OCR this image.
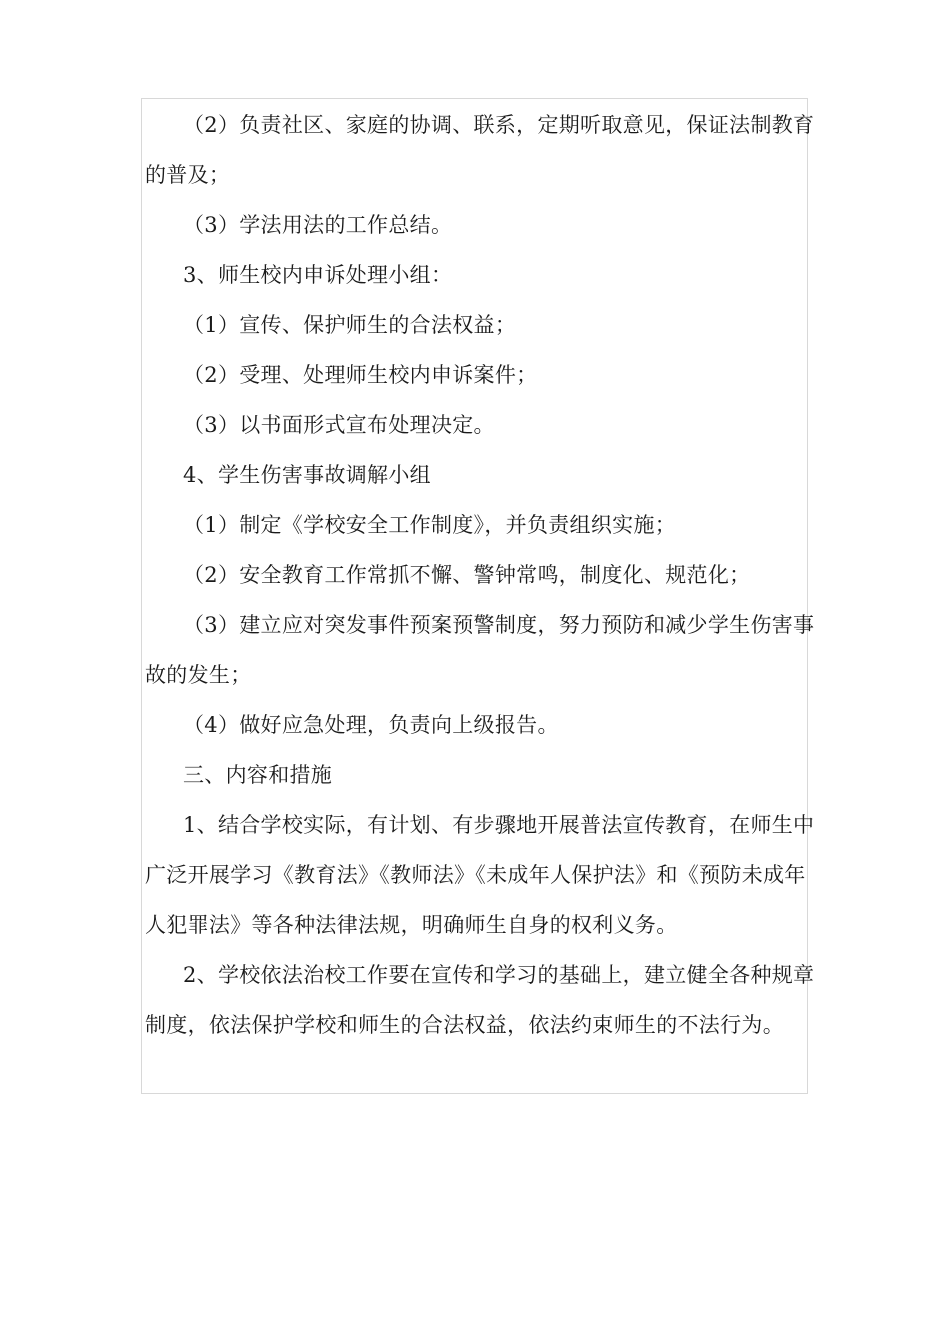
（2）负责社区、家庭的协调、联系，定期听取意见，保证法制教育的普及；

（3）学法用法的工作总结。

3、师生校内申诉处理小组：

（1）宣传、保护师生的合法权益；

（2）受理、处理师生校内申诉案件；

（3）以书面形式宣布处理决定。

4、学生伤害事故调解小组

（1）制定《学校安全工作制度》，并负责组织实施；

（2）安全教育工作常抓不懈、警钟常鸣，制度化、规范化；

（3）建立应对突发事件预案预警制度，努力预防和减少学生伤害事故的发生；

（4）做好应急处理，负责向上级报告。

三、内容和措施

1、结合学校实际，有计划、有步骤地开展普法宣传教育，在师生中广泛开展学习《教育法》《教师法》《未成年人保护法》和《预防未成年人犯罪法》等各种法律法规，明确师生自身的权利义务。

2、学校依法治校工作要在宣传和学习的基础上，建立健全各种规章制度，依法保护学校和师生的合法权益，依法约束师生的不法行为。
